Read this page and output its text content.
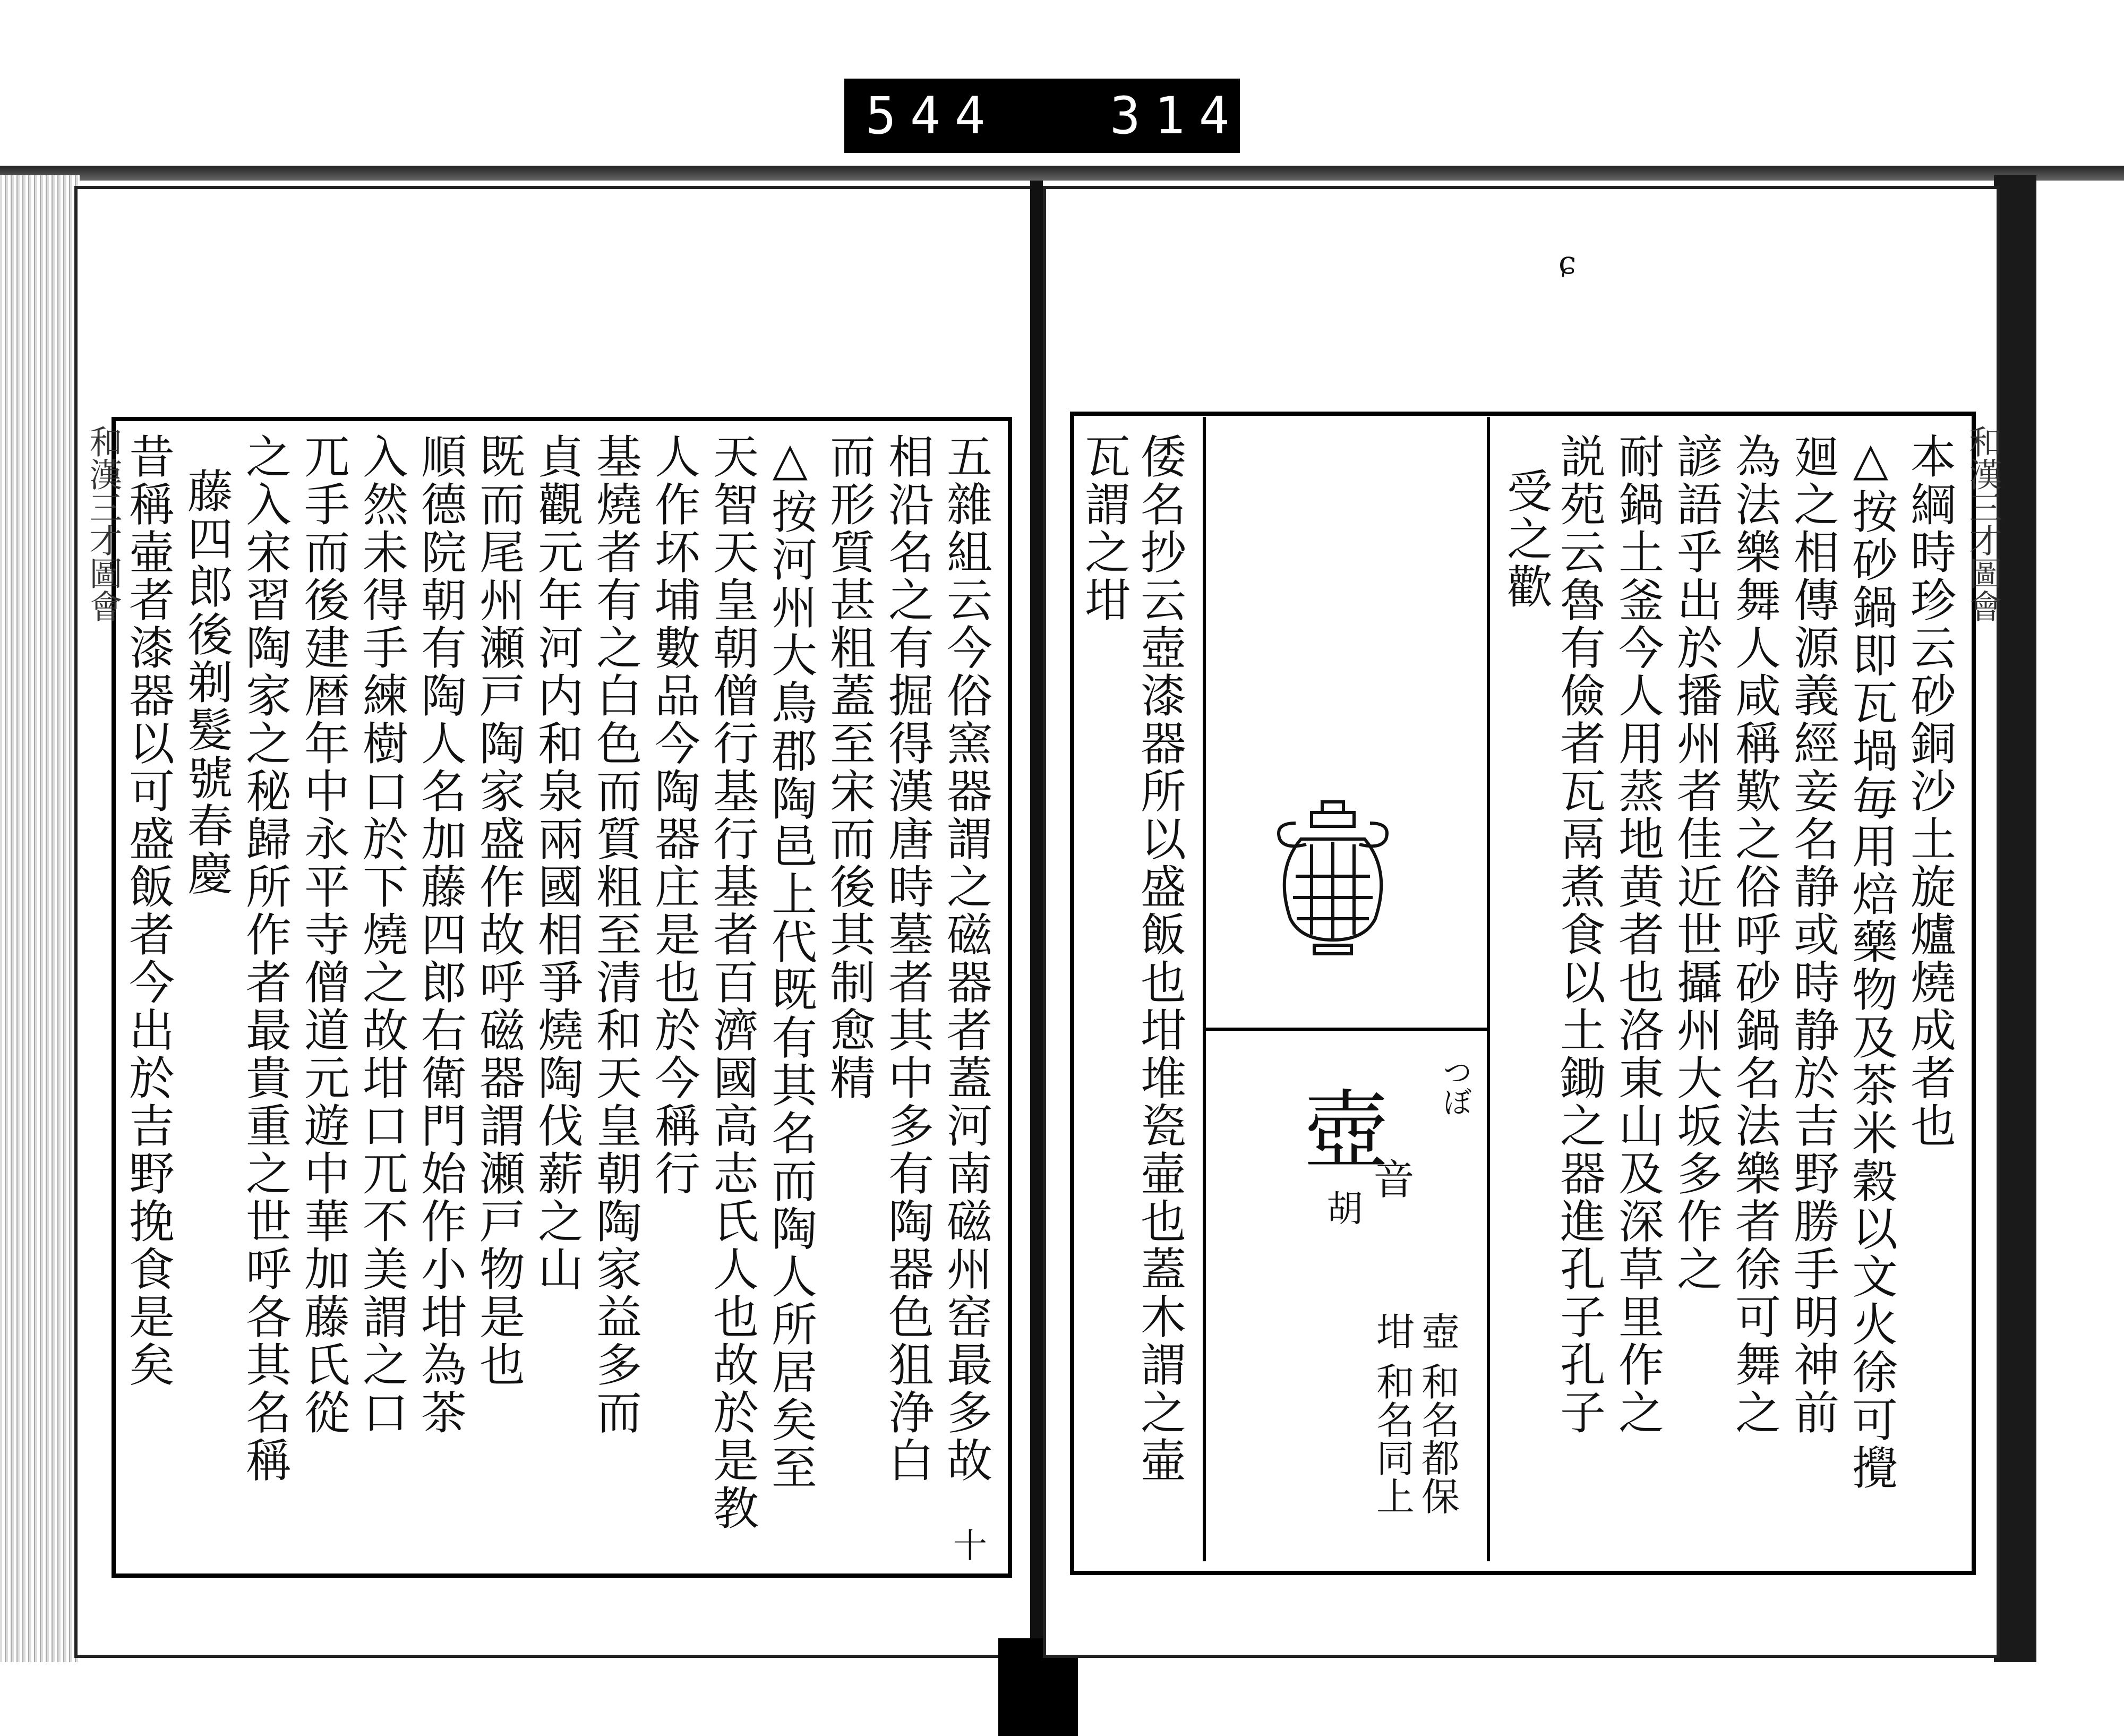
544 314.
和漢三才圖會
十
五雜組云今俗窯器謂之磁器者蓋河南磁州窑最多故
相沿名之有掘得漢唐時墓者其中多有陶器色狙浄白
而形質甚粗蓋至宋而後其制愈精
△按河州大鳥郡陶邑上代既有其名而陶人所居矣至
天智天皇朝僧行基行基者百濟國高志氏人也故於是教
人作坏埔數品今陶器庄是也於今稱行
基燒者有之白色而質粗至清和天皇朝陶家益多而
貞觀元年河内和泉兩國相爭燒陶伐薪之山
既而尾州瀬戸陶家盛作故呼磁器謂瀬戸物是也
順德院朝有陶人名加藤四郎右衛門始作小坩為茶
入然未得手練樹口於下燒之故坩口兀不美謂之口
兀手而後建暦年中永平寺僧道元遊中華加藤氏從
之入宋習陶家之秘歸所作者最貴重之世呼各其名稱
藤四郎後剃髮號春慶
昔稱壷者漆器以可盛飯者今出於吉野挽食是矣	和漢三才圖會
ɕ
本綱時珍云砂銅沙土旋爐燒成者也
△按砂鍋即瓦堝毎用焙藥物及茶米穀以文火徐可攪
廻之相傳源義經妾名静或時静於吉野勝手明神前
為法樂舞人咸稱歎之俗呼砂鍋名法樂者徐可舞之
諺語乎出於播州者佳近世攝州大坂多作之
耐鍋土釜今人用蒸地黄者也洛東山及深草里作之
説苑云魯有儉者瓦鬲煮食以土鋤之器進孔子孔子
受之歡
壺 和名都保
坩 和名同上
壺
音
胡
つぼ
倭名抄云壺漆器所以盛飯也坩堆瓷壷也蓋木謂之壷
瓦謂之坩
